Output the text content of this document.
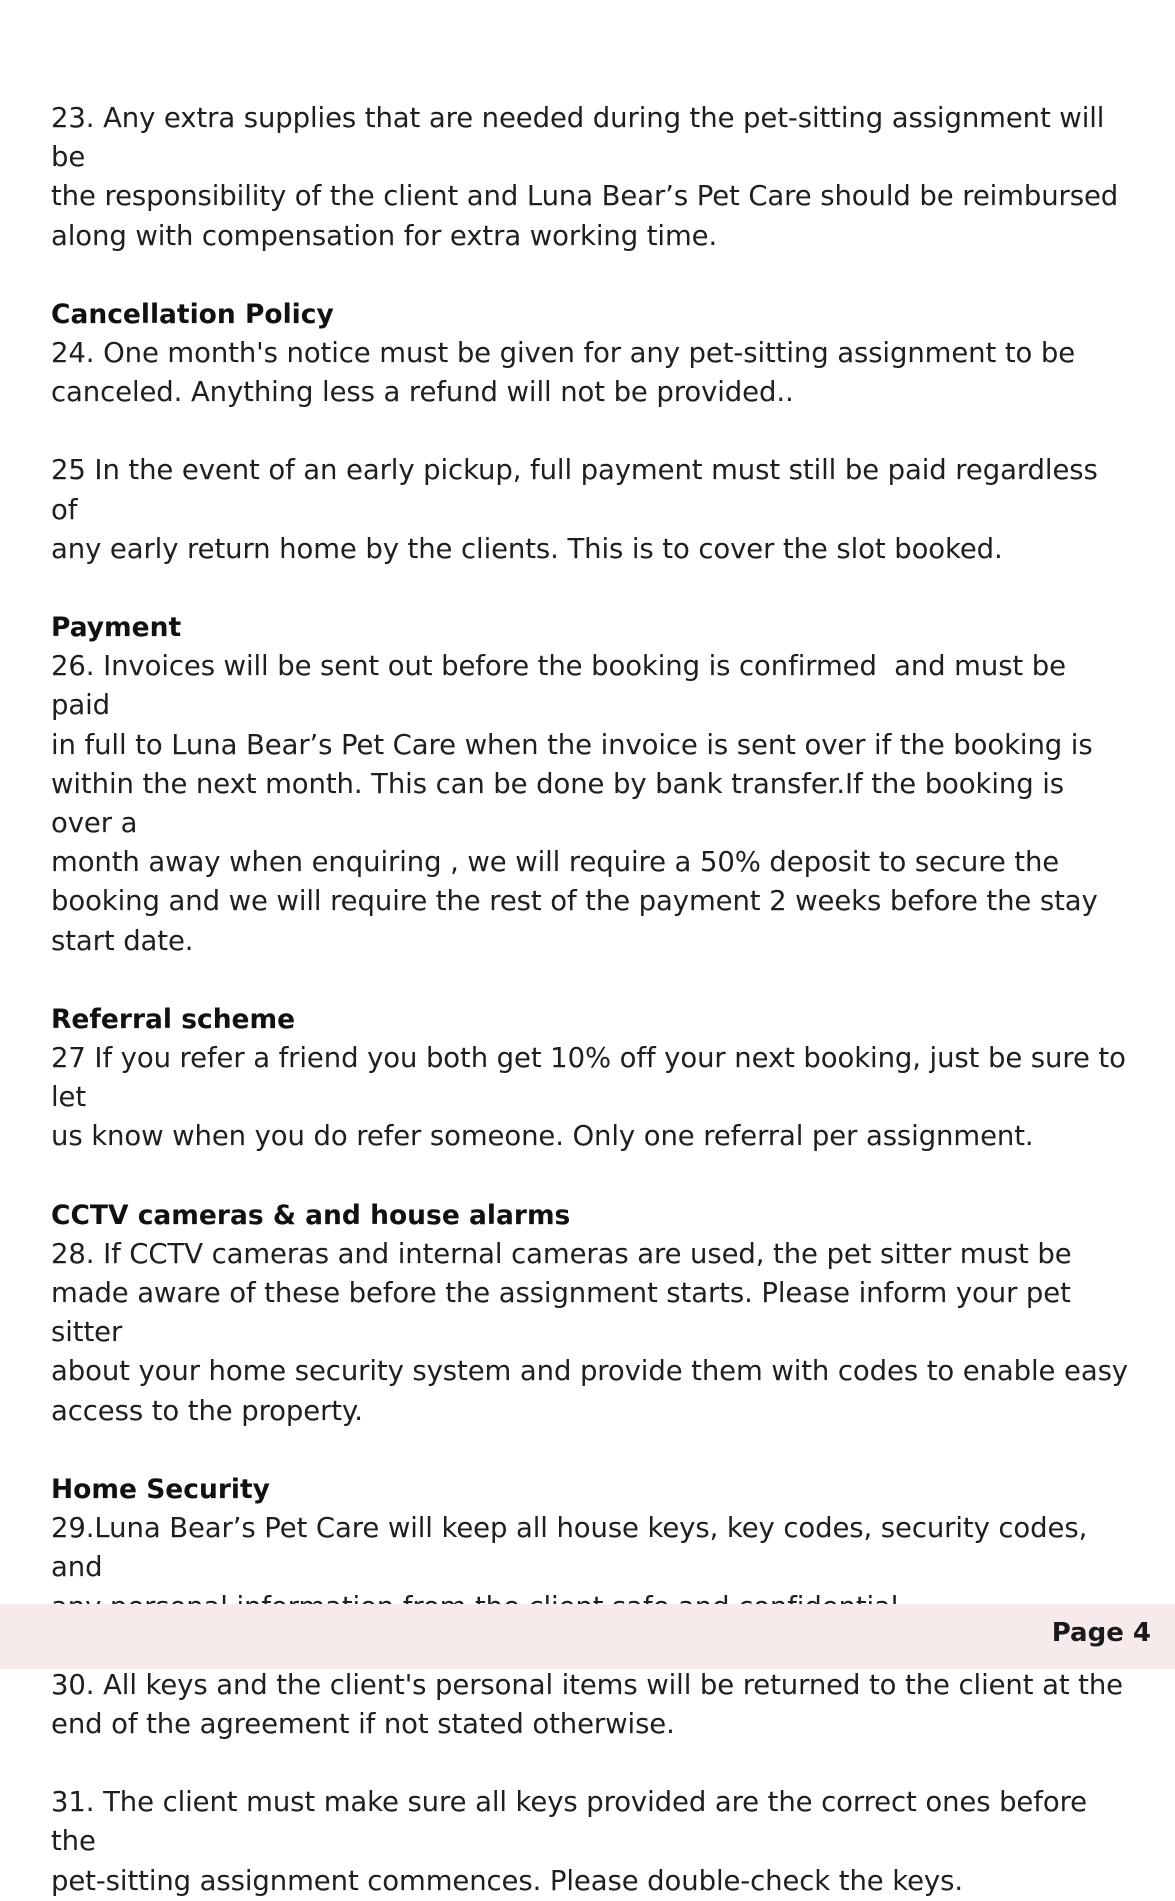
23. Any extra supplies that are needed during the pet-sitting assignment will be
the responsibility of the client and Luna Bear’s Pet Care should be reimbursed
along with compensation for extra working time.

Cancellation Policy

24. One month's notice must be given for any pet-sitting assignment to be
canceled. Anything less a refund will not be provided..

25 In the event of an early pickup, full payment must still be paid regardless of
any early return home by the clients. This is to cover the slot booked.

Payment

26. Invoices will be sent out before the booking is confirmed  and must be paid
in full to Luna Bear’s Pet Care when the invoice is sent over if the booking is
within the next month. This can be done by bank transfer.If the booking is over a
month away when enquiring , we will require a 50% deposit to secure the
booking and we will require the rest of the payment 2 weeks before the stay
start date.

Referral scheme

27 If you refer a friend you both get 10% off your next booking, just be sure to let
us know when you do refer someone. Only one referral per assignment.

CCTV cameras & and house alarms

28. If CCTV cameras and internal cameras are used, the pet sitter must be
made aware of these before the assignment starts. Please inform your pet sitter
about your home security system and provide them with codes to enable easy
access to the property.

Home Security

29.Luna Bear’s Pet Care will keep all house keys, key codes, security codes, and

30. All keys and the client's personal items will be returned to the client at the
end of the agreement if not stated otherwise.

31. The client must make sure all keys provided are the correct ones before the
pet-sitting assignment commences. Please double-check the keys.

Page 4
